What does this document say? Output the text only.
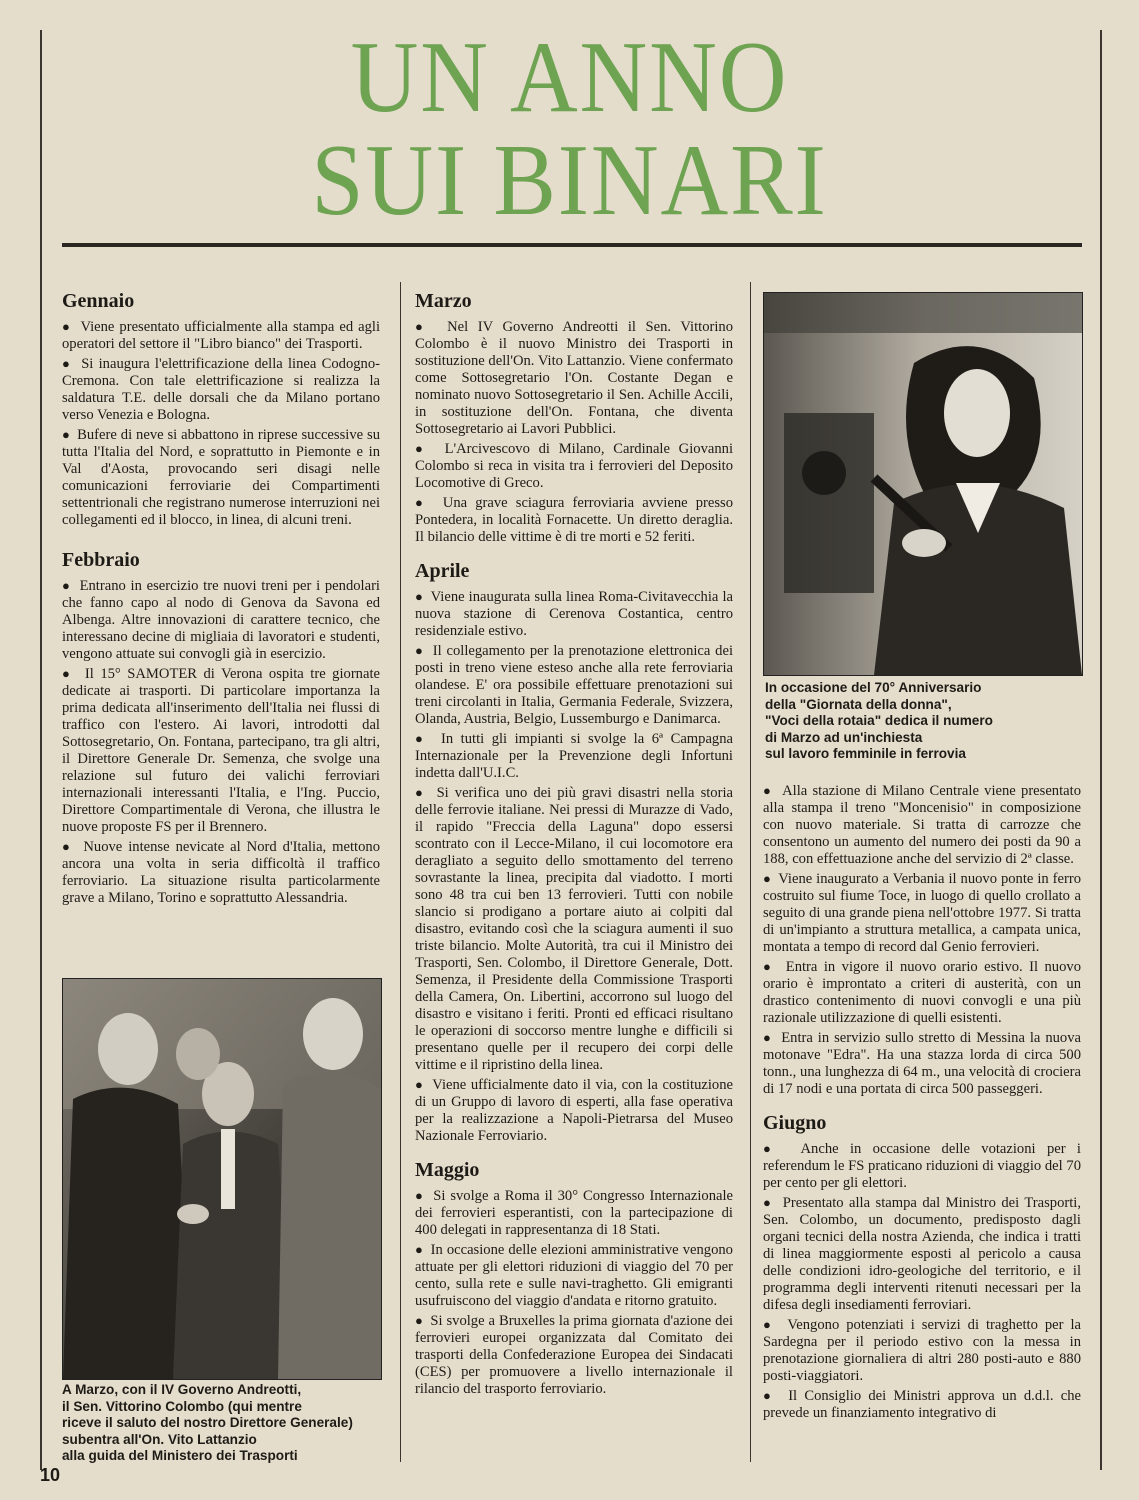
UN ANNO
SUI BINARI
Gennaio

●  Viene presentato ufficialmente alla stampa ed agli operatori del settore il "Libro bianco" dei Trasporti.

●  Si inaugura l'elettrificazione della linea Codogno-Cremona. Con tale elettrificazione si realizza la saldatura T.E. delle dorsali che da Milano portano verso Venezia e Bologna.

●  Bufere di neve si abbattono in riprese successive su tutta l'Italia del Nord, e soprattutto in Piemonte e in Val d'Aosta, provocando seri disagi nelle comunicazioni ferroviarie dei Compartimenti settentrionali che registrano numerose interruzioni nei collegamenti ed il blocco, in linea, di alcuni treni.

Febbraio

●  Entrano in esercizio tre nuovi treni per i pendolari che fanno capo al nodo di Genova da Savona ed Albenga. Altre innovazioni di carattere tecnico, che interessano decine di migliaia di lavoratori e studenti, vengono attuate sui convogli già in esercizio.

●  Il 15° SAMOTER di Verona ospita tre giornate dedicate ai trasporti. Di particolare importanza la prima dedicata all'inserimento dell'Italia nei flussi di traffico con l'estero. Ai lavori, introdotti dal Sottosegretario, On. Fontana, partecipano, tra gli altri, il Direttore Generale Dr. Semenza, che svolge una relazione sul futuro dei valichi ferroviari internazionali interessanti l'Italia, e l'Ing. Puccio, Direttore Compartimentale di Verona, che illustra le nuove proposte FS per il Brennero.

●  Nuove intense nevicate al Nord d'Italia, mettono ancora una volta in seria difficoltà il traffico ferroviario. La situazione risulta particolarmente grave a Milano, Torino e soprattutto Alessandria.

A Marzo, con il IV Governo Andreotti,
il Sen. Vittorino Colombo (qui mentre
riceve il saluto del nostro Direttore Generale)
subentra all'On. Vito Lattanzio
alla guida del Ministero dei Trasporti
Marzo

●  Nel IV Governo Andreotti il Sen. Vittorino Colombo è il nuovo Ministro dei Trasporti in sostituzione dell'On. Vito Lattanzio. Viene confermato come Sottosegretario l'On. Costante Degan e nominato nuovo Sottosegretario il Sen. Achille Accili, in sostituzione dell'On. Fontana, che diventa Sottosegretario ai Lavori Pubblici.

●  L'Arcivescovo di Milano, Cardinale Giovanni Colombo si reca in visita tra i ferrovieri del Deposito Locomotive di Greco.

●  Una grave sciagura ferroviaria avviene presso Pontedera, in località Fornacette. Un diretto deraglia. Il bilancio delle vittime è di tre morti e 52 feriti.

Aprile

●  Viene inaugurata sulla linea Roma-Civitavecchia la nuova stazione di Cerenova Costantica, centro residenziale estivo.

●  Il collegamento per la prenotazione elettronica dei posti in treno viene esteso anche alla rete ferroviaria olandese. E' ora possibile effettuare prenotazioni sui treni circolanti in Italia, Germania Federale, Svizzera, Olanda, Austria, Belgio, Lussemburgo e Danimarca.

●  In tutti gli impianti si svolge la 6ª Campagna Internazionale per la Prevenzione degli Infortuni indetta dall'U.I.C.

●  Si verifica uno dei più gravi disastri nella storia delle ferrovie italiane. Nei pressi di Murazze di Vado, il rapido "Freccia della Laguna" dopo essersi scontrato con il Lecce-Milano, il cui locomotore era deragliato a seguito dello smottamento del terreno sovrastante la linea, precipita dal viadotto. I morti sono 48 tra cui ben 13 ferrovieri. Tutti con nobile slancio si prodigano a portare aiuto ai colpiti dal disastro, evitando così che la sciagura aumenti il suo triste bilancio. Molte Autorità, tra cui il Ministro dei Trasporti, Sen. Colombo, il Direttore Generale, Dott. Semenza, il Presidente della Commissione Trasporti della Camera, On. Libertini, accorrono sul luogo del disastro e visitano i feriti. Pronti ed efficaci risultano le operazioni di soccorso mentre lunghe e difficili si presentano quelle per il recupero dei corpi delle vittime e il ripristino della linea.

●  Viene ufficialmente dato il via, con la costituzione di un Gruppo di lavoro di esperti, alla fase operativa per la realizzazione a Napoli-Pietrarsa del Museo Nazionale Ferroviario.

Maggio

●  Si svolge a Roma il 30° Congresso Internazionale dei ferrovieri esperantisti, con la partecipazione di 400 delegati in rappresentanza di 18 Stati.

●  In occasione delle elezioni amministrative vengono attuate per gli elettori riduzioni di viaggio del 70 per cento, sulla rete e sulle navi-traghetto. Gli emigranti usufruiscono del viaggio d'andata e ritorno gratuito.

●  Si svolge a Bruxelles la prima giornata d'azione dei ferrovieri europei organizzata dal Comitato dei trasporti della Confederazione Europea dei Sindacati (CES) per promuovere a livello internazionale il rilancio del trasporto ferroviario.

In occasione del 70° Anniversario
della "Giornata della donna",
"Voci della rotaia" dedica il numero
di Marzo ad un'inchiesta
sul lavoro femminile in ferrovia

●  Alla stazione di Milano Centrale viene presentato alla stampa il treno "Moncenisio" in composizione con nuovo materiale. Si tratta di carrozze che consentono un aumento del numero dei posti da 90 a 188, con effettuazione anche del servizio di 2ª classe.

●  Viene inaugurato a Verbania il nuovo ponte in ferro costruito sul fiume Toce, in luogo di quello crollato a seguito di una grande piena nell'ottobre 1977. Si tratta di un'impianto a struttura metallica, a campata unica, montata a tempo di record dal Genio ferrovieri.

●  Entra in vigore il nuovo orario estivo. Il nuovo orario è improntato a criteri di austerità, con un drastico contenimento di nuovi convogli e una più razionale utilizzazione di quelli esistenti.

●  Entra in servizio sullo stretto di Messina la nuova motonave "Edra". Ha una stazza lorda di circa 500 tonn., una lunghezza di 64 m., una velocità di crociera di 17 nodi e una portata di circa 500 passeggeri.

Giugno

●  Anche in occasione delle votazioni per i referendum le FS praticano riduzioni di viaggio del 70 per cento per gli elettori.

●  Presentato alla stampa dal Ministro dei Trasporti, Sen. Colombo, un documento, predisposto dagli organi tecnici della nostra Azienda, che indica i tratti di linea maggiormente esposti al pericolo a causa delle condizioni idro-geologiche del territorio, e il programma degli interventi ritenuti necessari per la difesa degli insediamenti ferroviari.

●  Vengono potenziati i servizi di traghetto per la Sardegna per il periodo estivo con la messa in prenotazione giornaliera di altri 280 posti-auto e 880 posti-viaggiatori.

●  Il Consiglio dei Ministri approva un d.d.l. che prevede un finanziamento integrativo di

10
